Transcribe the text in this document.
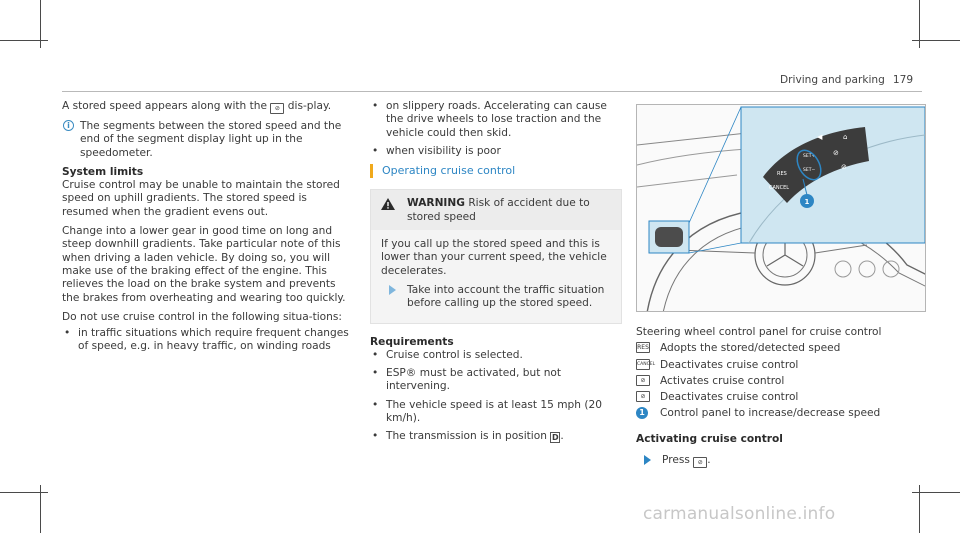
Driving and parking 179

A stored speed appears along with the ⊘ dis-play.

i The segments between the stored speed and the end of the segment display light up in the speedometer.

System limits

Cruise control may be unable to maintain the stored speed on uphill gradients. The stored speed is resumed when the gradient evens out.

Change into a lower gear in good time on long and steep downhill gradients. Take particular note of this when driving a laden vehicle. By doing so, you will make use of the braking effect of the engine. This relieves the load on the brake system and prevents the brakes from overheating and wearing too quickly.

Do not use cruise control in the following situa-tions:

• in traffic situations which require frequent changes of speed, e.g. in heavy traffic, on winding roads
• on slippery roads. Accelerating can cause the drive wheels to lose traction and the vehicle could then skid.
• when visibility is poor
Operating cruise control
WARNING Risk of accident due to stored speed

If you call up the stored speed and this is lower than your current speed, the vehicle decelerates.

Take into account the traffic situation before calling up the stored speed.

Requirements

• Cruise control is selected.
• ESP® must be activated, but not intervening.
• The vehicle speed is at least 15 mph (20 km/h).
• The transmission is in position D .
RES
CANCEL
SET+
SET−
⊘
⊘
◀	⌂
1

Steering wheel control panel for cruise control

RES Adopts the stored/detected speed
CANCEL Deactivates cruise control
⊘	Activates cruise control
⊘	Deactivates cruise control
1	Control panel to increase/decrease speed

Activating cruise control

Press ⊘ .
carmanualsonline.info
